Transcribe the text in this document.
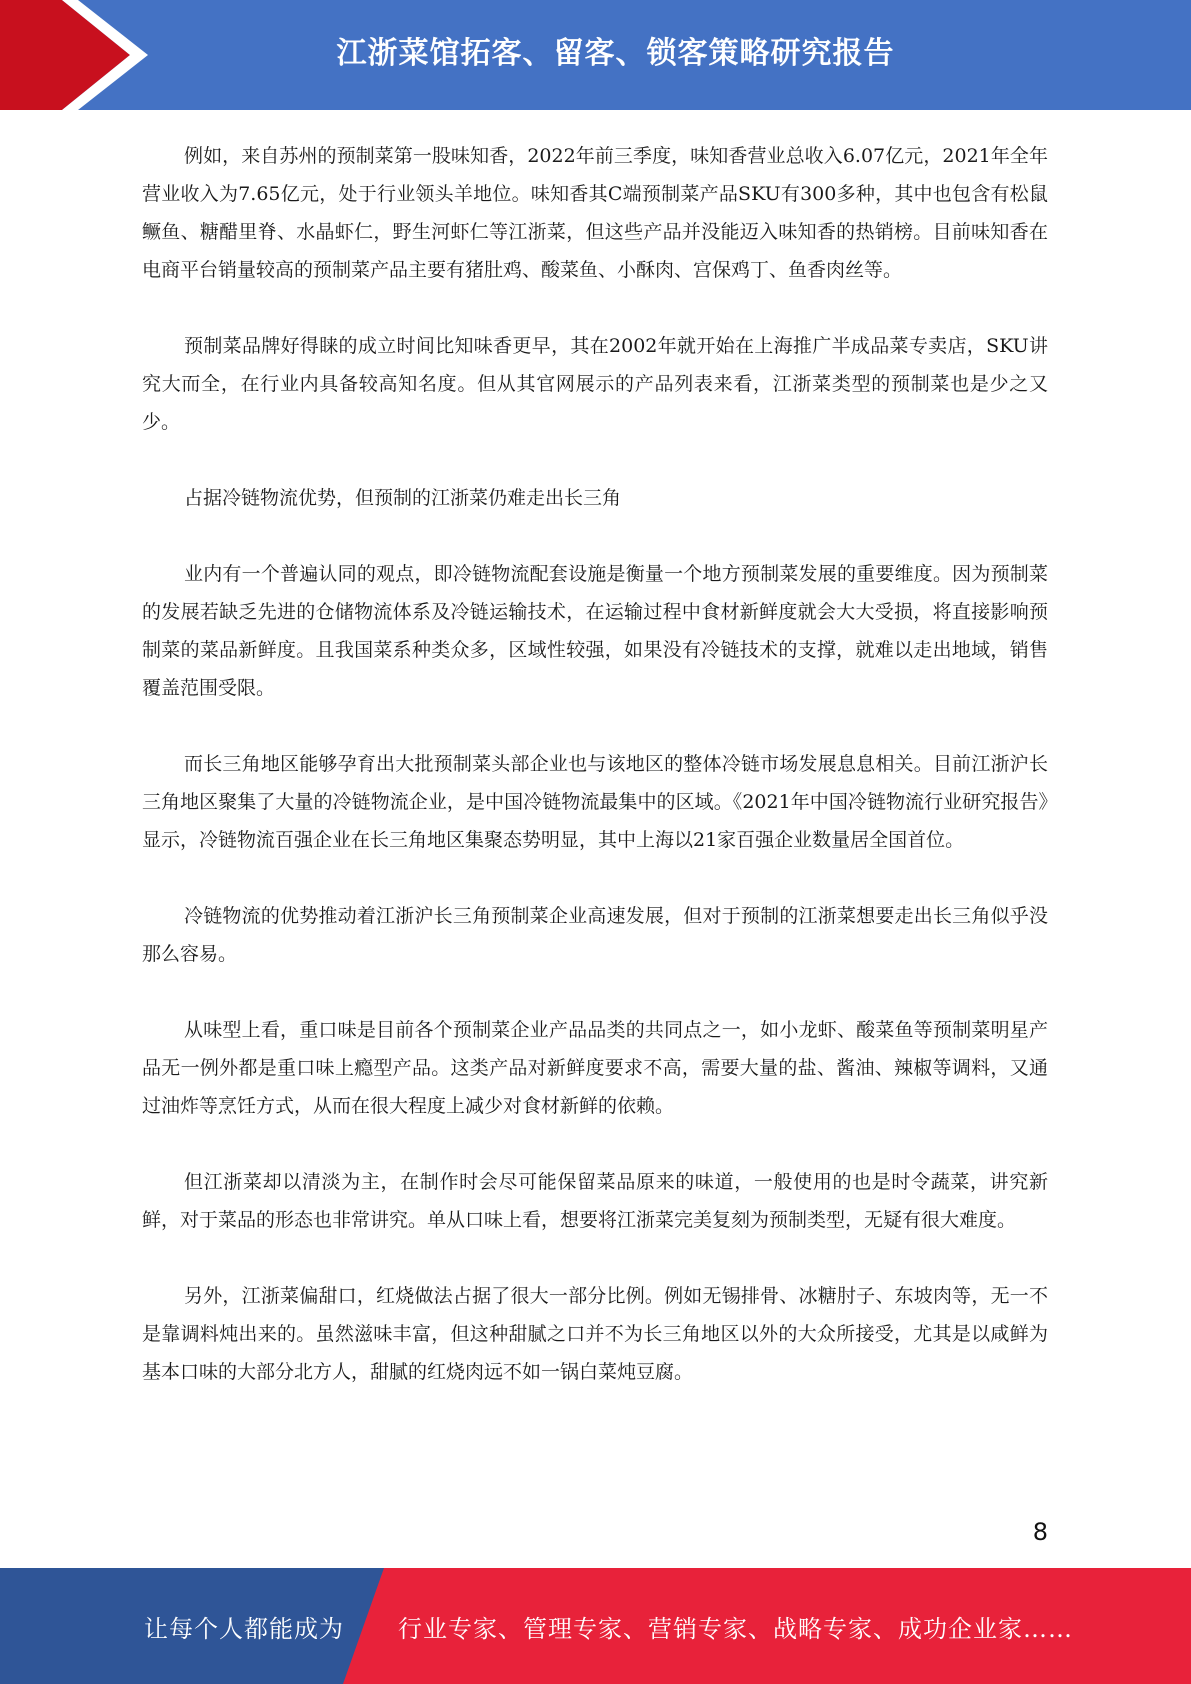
江浙菜馆拓客、留客、锁客策略研究报告

例如，来自苏州的预制菜第一股味知香，2022年前三季度，味知香营业总收入6.07亿元，2021年全年营业收入为7.65亿元，处于行业领头羊地位。味知香其C端预制菜产品SKU有300多种，其中也包含有松鼠鳜鱼、糖醋里脊、水晶虾仁，野生河虾仁等江浙菜，但这些产品并没能迈入味知香的热销榜。目前味知香在电商平台销量较高的预制菜产品主要有猪肚鸡、酸菜鱼、小酥肉、宫保鸡丁、鱼香肉丝等。

预制菜品牌好得睐的成立时间比知味香更早，其在2002年就开始在上海推广半成品菜专卖店，SKU讲究大而全，在行业内具备较高知名度。但从其官网展示的产品列表来看，江浙菜类型的预制菜也是少之又少。

占据冷链物流优势，但预制的江浙菜仍难走出长三角

业内有一个普遍认同的观点，即冷链物流配套设施是衡量一个地方预制菜发展的重要维度。因为预制菜的发展若缺乏先进的仓储物流体系及冷链运输技术，在运输过程中食材新鲜度就会大大受损，将直接影响预制菜的菜品新鲜度。且我国菜系种类众多，区域性较强，如果没有冷链技术的支撑，就难以走出地域，销售覆盖范围受限。

而长三角地区能够孕育出大批预制菜头部企业也与该地区的整体冷链市场发展息息相关。目前江浙沪长三角地区聚集了大量的冷链物流企业，是中国冷链物流最集中的区域。《2021年中国冷链物流行业研究报告》显示，冷链物流百强企业在长三角地区集聚态势明显，其中上海以21家百强企业数量居全国首位。

冷链物流的优势推动着江浙沪长三角预制菜企业高速发展，但对于预制的江浙菜想要走出长三角似乎没那么容易。

从味型上看，重口味是目前各个预制菜企业产品品类的共同点之一，如小龙虾、酸菜鱼等预制菜明星产品无一例外都是重口味上瘾型产品。这类产品对新鲜度要求不高，需要大量的盐、酱油、辣椒等调料，又通过油炸等烹饪方式，从而在很大程度上减少对食材新鲜的依赖。

但江浙菜却以清淡为主，在制作时会尽可能保留菜品原来的味道，一般使用的也是时令蔬菜，讲究新鲜，对于菜品的形态也非常讲究。单从口味上看，想要将江浙菜完美复刻为预制类型，无疑有很大难度。

另外，江浙菜偏甜口，红烧做法占据了很大一部分比例。例如无锡排骨、冰糖肘子、东坡肉等，无一不是靠调料炖出来的。虽然滋味丰富，但这种甜腻之口并不为长三角地区以外的大众所接受，尤其是以咸鲜为基本口味的大部分北方人，甜腻的红烧肉远不如一锅白菜炖豆腐。

8
让每个人都能成为 行业专家、管理专家、营销专家、战略专家、成功企业家……
